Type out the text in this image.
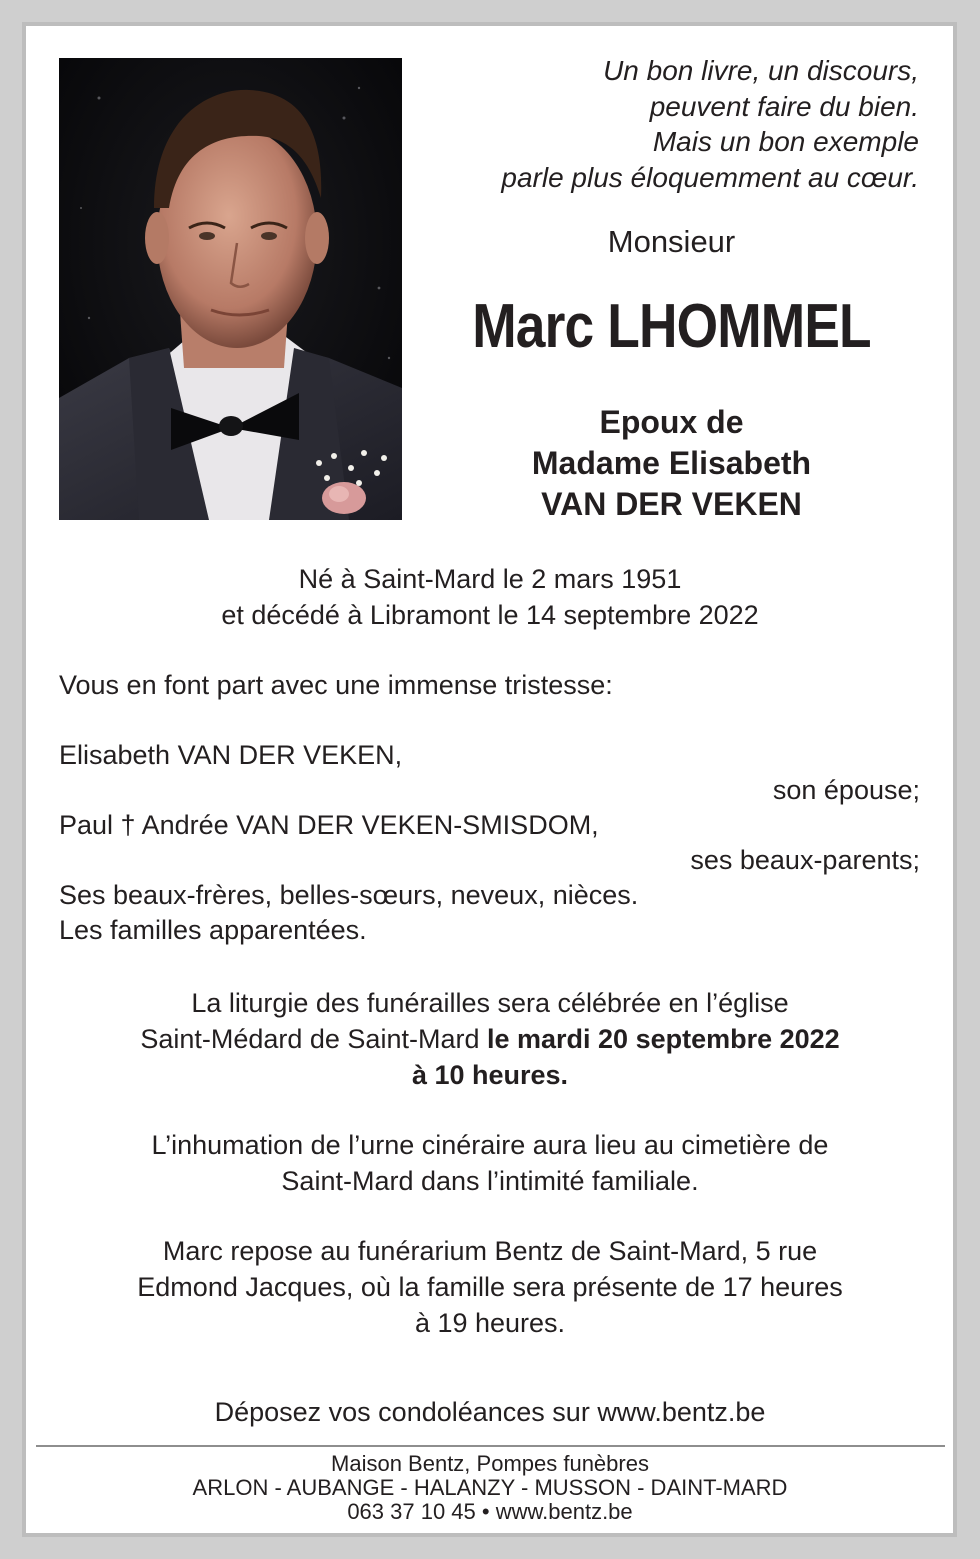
Un bon livre, un discours,
peuvent faire du bien.
Mais un bon exemple
parle plus éloquemment au cœur.
Monsieur
Marc LHOMMEL
Epoux de
Madame Elisabeth
VAN DER VEKEN
Né à Saint-Mard le 2 mars 1951
et décédé à Libramont le 14 septembre 2022
Vous en font part avec une immense tristesse:
Elisabeth VAN DER VEKEN,
son épouse;
Paul † Andrée VAN DER VEKEN-SMISDOM,
ses beaux-parents;
Ses beaux-frères, belles-sœurs, neveux, nièces.
Les familles apparentées.
La liturgie des funérailles sera célébrée en l’église
Saint-Médard de Saint-Mard le mardi 20 septembre 2022
à 10 heures.
L’inhumation de l’urne cinéraire aura lieu au cimetière de
Saint-Mard dans l’intimité familiale.
Marc repose au funérarium Bentz de Saint-Mard, 5 rue
Edmond Jacques, où la famille sera présente de 17 heures
à 19 heures.
Déposez vos condoléances sur www.bentz.be
Maison Bentz, Pompes funèbres
ARLON - AUBANGE - HALANZY - MUSSON - DAINT-MARD
063 37 10 45 • www.bentz.be
